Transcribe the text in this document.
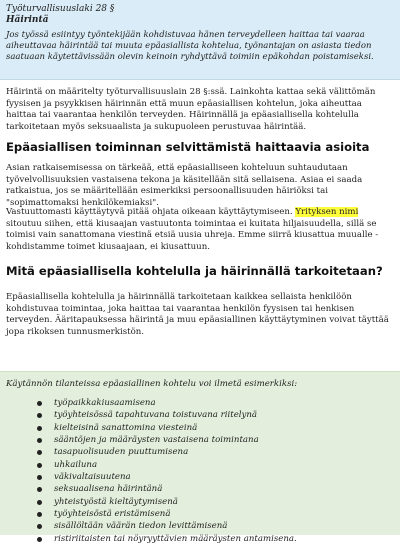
Työturvallisuuslaki 28 §

Häirintä

Jos työssä esiintyy työntekijään kohdistuvaa hänen terveydelleen haittaa tai vaaraa aiheuttavaa häirintää tai muuta epäasiallista kohtelua, työnantajan on asiasta tiedon saatuaan käytettävissään olevin keinoin ryhdyttävä toimiin epäkohdan poistamiseksi.

Häirintä on määritelty työturvallisuuslain 28 §:ssä. Lainkohta kattaa sekä välittömän fyysisen ja psyykkisen häirinnän että muun epäasiallisen kohtelun, joka aiheuttaa haittaa tai vaarantaa henkilön terveyden. Häirinnällä ja epäasiallisella kohtelulla tarkoitetaan myös seksuaalista ja sukupuoleen perustuvaa häirintää.

Epäasiallisen toiminnan selvittämistä haittaavia asioita

Asian ratkaisemisessa on tärkeää, että epäasialliseen kohteluun suhtaudutaan työvelvollisuuksien vastaisena tekona ja käsitellään sitä sellaisena. Asiaa ei saada ratkaistua, jos se määritellään esimerkiksi persoonallisuuden häiriöksi tai "sopimattomaksi henkilökemiaksi".

Vastuuttomasti käyttäytyvä pitää ohjata oikeaan käyttäytymiseen. Yrityksen nimi sitoutuu siihen, että kiusaajan vastuutonta toimintaa ei kuitata hiljaisuudella, sillä se toimisi vain sanattomana viestinä etsiä uusia uhreja. Emme siirrä kiusattua muualle - kohdistamme toimet kiusaajaan, ei kiusattuun.

Mitä epäasiallisella kohtelulla ja häirinnällä tarkoitetaan?

Epäasiallisella kohtelulla ja häirinnällä tarkoitetaan kaikkea sellaista henkilöön kohdistuvaa toimintaa, joka haittaa tai vaarantaa henkilön fyysisen tai henkisen terveyden. Ääritapauksessa häirintä ja muu epäasiallinen käyttäytyminen voivat täyttää jopa rikoksen tunnusmerkistön.

Käytännön tilanteissa epäasiallinen kohtelu voi ilmetä esimerkiksi:

työpaikkakiusaamisena
työyhteisössä tapahtuvana toistuvana riitelynä
kielteisinä sanattomina viesteinä
sääntöjen ja määräysten vastaisena toimintana
tasapuolisuuden puuttumisena
uhkailuna
väkivaltaisuutena
seksuaalisena häirintänä
yhteistyöstä kieltäytymisenä
työyhteisöstä eristämisenä
sisällöltään väärän tiedon levittämisenä
ristiriitaisten tai nöyryyttävien määräysten antamisena.
